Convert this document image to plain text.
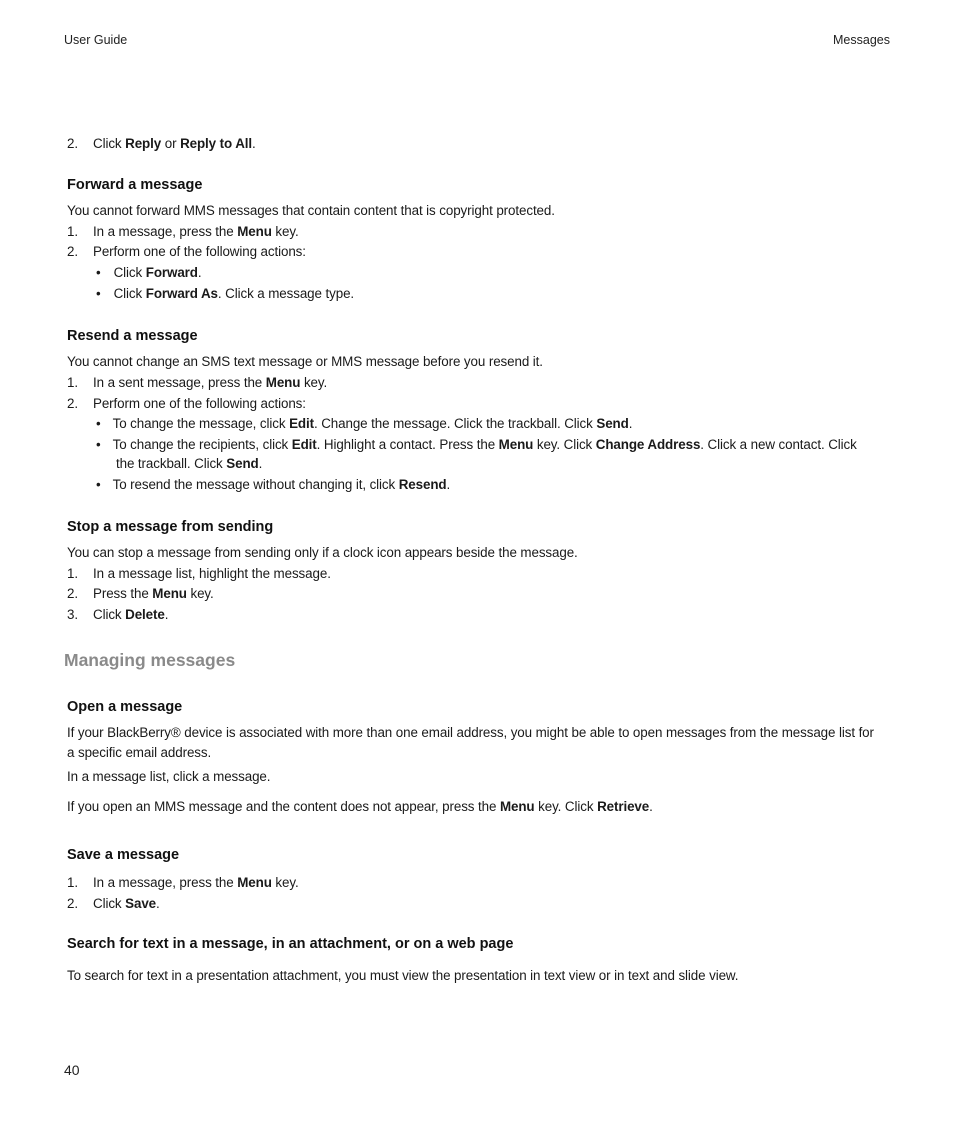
User Guide	Messages
2. Click Reply or Reply to All.
Forward a message
You cannot forward MMS messages that contain content that is copyright protected.
1. In a message, press the Menu key.
2. Perform one of the following actions:
• Click Forward.
• Click Forward As. Click a message type.
Resend a message
You cannot change an SMS text message or MMS message before you resend it.
1. In a sent message, press the Menu key.
2. Perform one of the following actions:
• To change the message, click Edit. Change the message. Click the trackball. Click Send.
• To change the recipients, click Edit. Highlight a contact. Press the Menu key. Click Change Address. Click a new contact. Click
the trackball. Click Send.
• To resend the message without changing it, click Resend.
Stop a message from sending
You can stop a message from sending only if a clock icon appears beside the message.
1. In a message list, highlight the message.
2. Press the Menu key.
3. Click Delete.
Managing messages
Open a message
If your BlackBerry® device is associated with more than one email address, you might be able to open messages from the message list for
a specific email address.
In a message list, click a message.
If you open an MMS message and the content does not appear, press the Menu key. Click Retrieve.
Save a message
1. In a message, press the Menu key.
2. Click Save.
Search for text in a message, in an attachment, or on a web page
To search for text in a presentation attachment, you must view the presentation in text view or in text and slide view.
40
